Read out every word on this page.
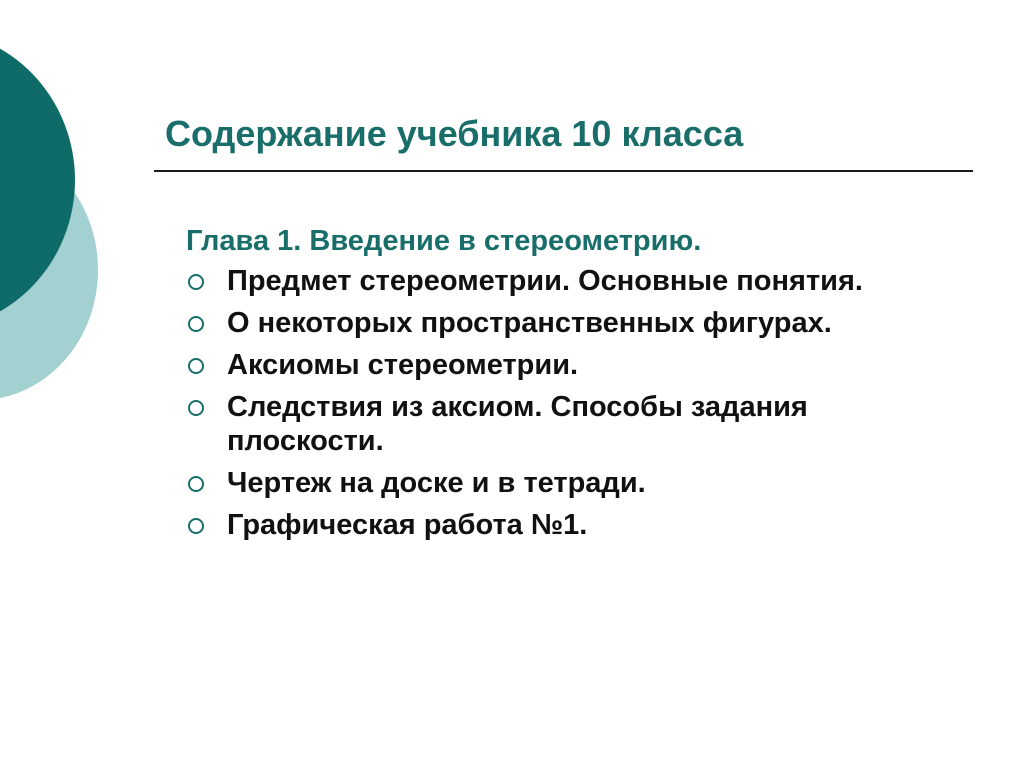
Содержание учебника 10 класса

Глава 1. Введение в стереометрию.

Предмет стереометрии. Основные понятия.
О некоторых пространственных фигурах.
Аксиомы стереометрии.
Следствия из аксиом. Способы задания плоскости.
Чертеж на доске и в тетради.
Графическая работа №1.
